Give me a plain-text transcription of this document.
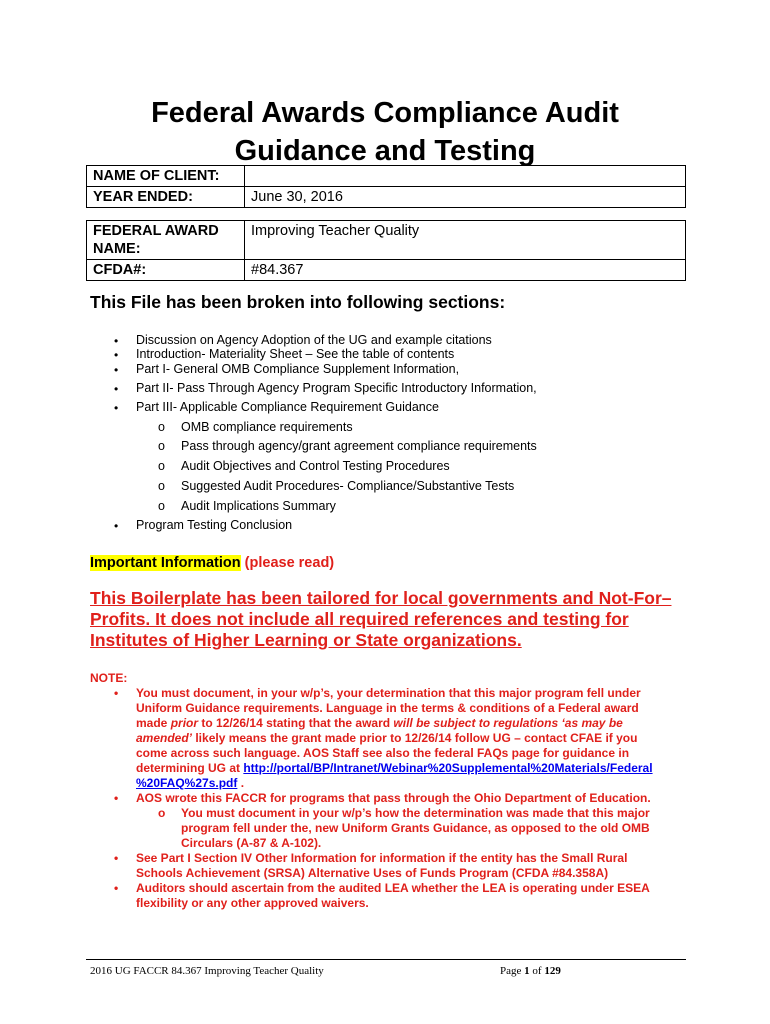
Federal Awards Compliance Audit
Guidance and Testing
NAME OF CLIENT:	
YEAR ENDED:	June 30, 2016
FEDERAL AWARD NAME:	Improving Teacher Quality
CFDA#:	#84.367
This File has been broken into following sections:
• Discussion on Agency Adoption of the UG and example citations
• Introduction- Materiality Sheet – See the table of contents
• Part I- General OMB Compliance Supplement Information,
• Part II- Pass Through Agency Program Specific Introductory Information,
• Part III- Applicable Compliance Requirement Guidance
o OMB compliance requirements
o Pass through agency/grant agreement compliance requirements
o Audit Objectives and Control Testing Procedures
o Suggested Audit Procedures- Compliance/Substantive Tests
o Audit Implications Summary
• Program Testing Conclusion
Important Information (please read)
This Boilerplate has been tailored for local governments and Not-For–
Profits. It does not include all required references and testing for
Institutes of Higher Learning or State organizations.
NOTE:
• You must document, in your w/p’s, your determination that this major program fell under
Uniform Guidance requirements. Language in the terms & conditions of a Federal award
made prior to 12/26/14 stating that the award will be subject to regulations ‘as may be
amended’ likely means the grant made prior to 12/26/14 follow UG – contact CFAE if you
come across such language. AOS Staff see also the federal FAQs page for guidance in
determining UG at http://portal/BP/Intranet/Webinar%20Supplemental%20Materials/Federal
%20FAQ%27s.pdf .
• AOS wrote this FACCR for programs that pass through the Ohio Department of Education.
o You must document in your w/p’s how the determination was made that this major
program fell under the, new Uniform Grants Guidance, as opposed to the old OMB
Circulars (A-87 & A-102).
• See Part I Section IV Other Information for information if the entity has the Small Rural
Schools Achievement (SRSA) Alternative Uses of Funds Program (CFDA #84.358A)
• Auditors should ascertain from the audited LEA whether the LEA is operating under ESEA
flexibility or any other approved waivers.
2016 UG FACCR 84.367 Improving Teacher Quality	Page 1 of 129
